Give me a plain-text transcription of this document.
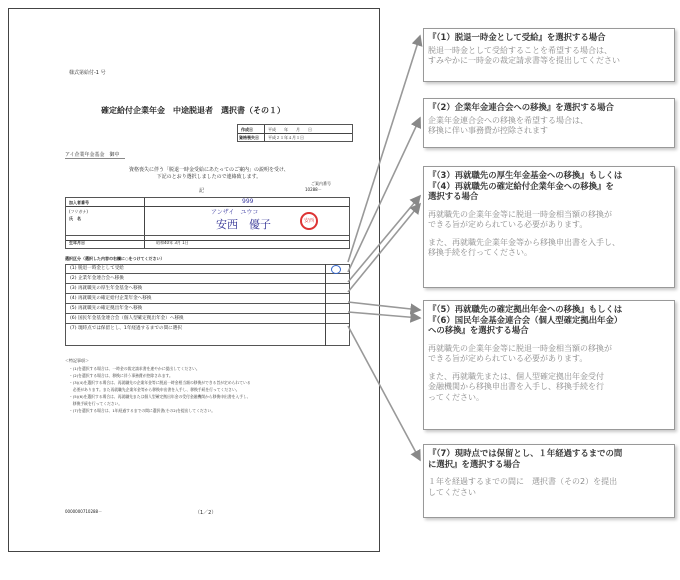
様式第給付-1 号
確定給付企業年金　中途脱退者　選択書（その１）
作成日	平成　　年　　月　　日
資格喪失日 平成２１年４月１日
アイ企業年金基金　御中
資格喪失に伴う「脱退一時金受給にあたってのご案内」の説明を受け、
下記のとおり選択しましたので連絡致します。
記
ご案内番号
10288－
加入者番号	999
(フリガナ)	アンザイ　ユウコ
氏　名	安西　優子	安西
生年月日	昭和40年 3月 1日
選択区分（選択した内容の右欄に○をつけてください）
(1) 脱退一時金として受給
(2) 企業年金連合会へ移換
(3) 再就職先の厚生年金基金へ移換
(4) 再就職先の確定給付企業年金へ移換
(5) 再就職先の確定拠出年金へ移換
(6) 国民年金基金連合会（個人型確定拠出年金）へ移換
(7) 現時点では保留とし、1年経過するまでの間に選択
＜特記事項＞
・(1)を選択する場合は、一時金の裁定請求書を速やかに提出してください。
・(2)を選択する場合は、移換に伴う事務費が控除されます。
・(3)(4)を選択する場合は、再就職先の企業年金等に脱退一時金相当額の移換ができる旨が定められている
　必要があります。また再就職先企業年金等から移換申出書を入手し、移換手続を行ってください。
・(5)(6)を選択する場合は、再就職先または個人型確定拠出年金の受付金融機関から移換申出書を入手し、
　移換手続を行ってください。
・(7)を選択する場合は、1年経過するまでの間に選択書(その2)を提出してください。
0000000710288－	（1／2）
『（1）脱退一時金として受給』を選択する場合
脱退一時金として受給することを希望する場合は、
すみやかに一時金の裁定請求書等を提出してください
『（2）企業年金連合会への移換』を選択する場合
企業年金連合会への移換を希望する場合は、
移換に伴い事務費が控除されます
『（3）再就職先の厚生年金基金への移換』もしくは
『（4）再就職先の確定給付企業年金への移換』を
選択する場合
再就職先の企業年金等に脱退一時金相当額の移換が
できる旨が定められている必要があります。
また、再就職先企業年金等から移換申出書を入手し、
移換手続を行ってください。
『（5）再就職先の確定拠出年金への移換』もしくは
『（6）国民年金基金連合会（個人型確定拠出年金）
への移換』を選択する場合
再就職先の企業年金等に脱退一時金相当額の移換が
できる旨が定められている必要があります。
また、再就職先または、個人型確定拠出年金受付
金融機関から移換申出書を入手し、移換手続を行
ってください。
『（7）現時点では保留とし、１年経過するまでの間
に選択』を選択する場合
１年を経過するまでの間に　選択書（その2）を提出
してください
